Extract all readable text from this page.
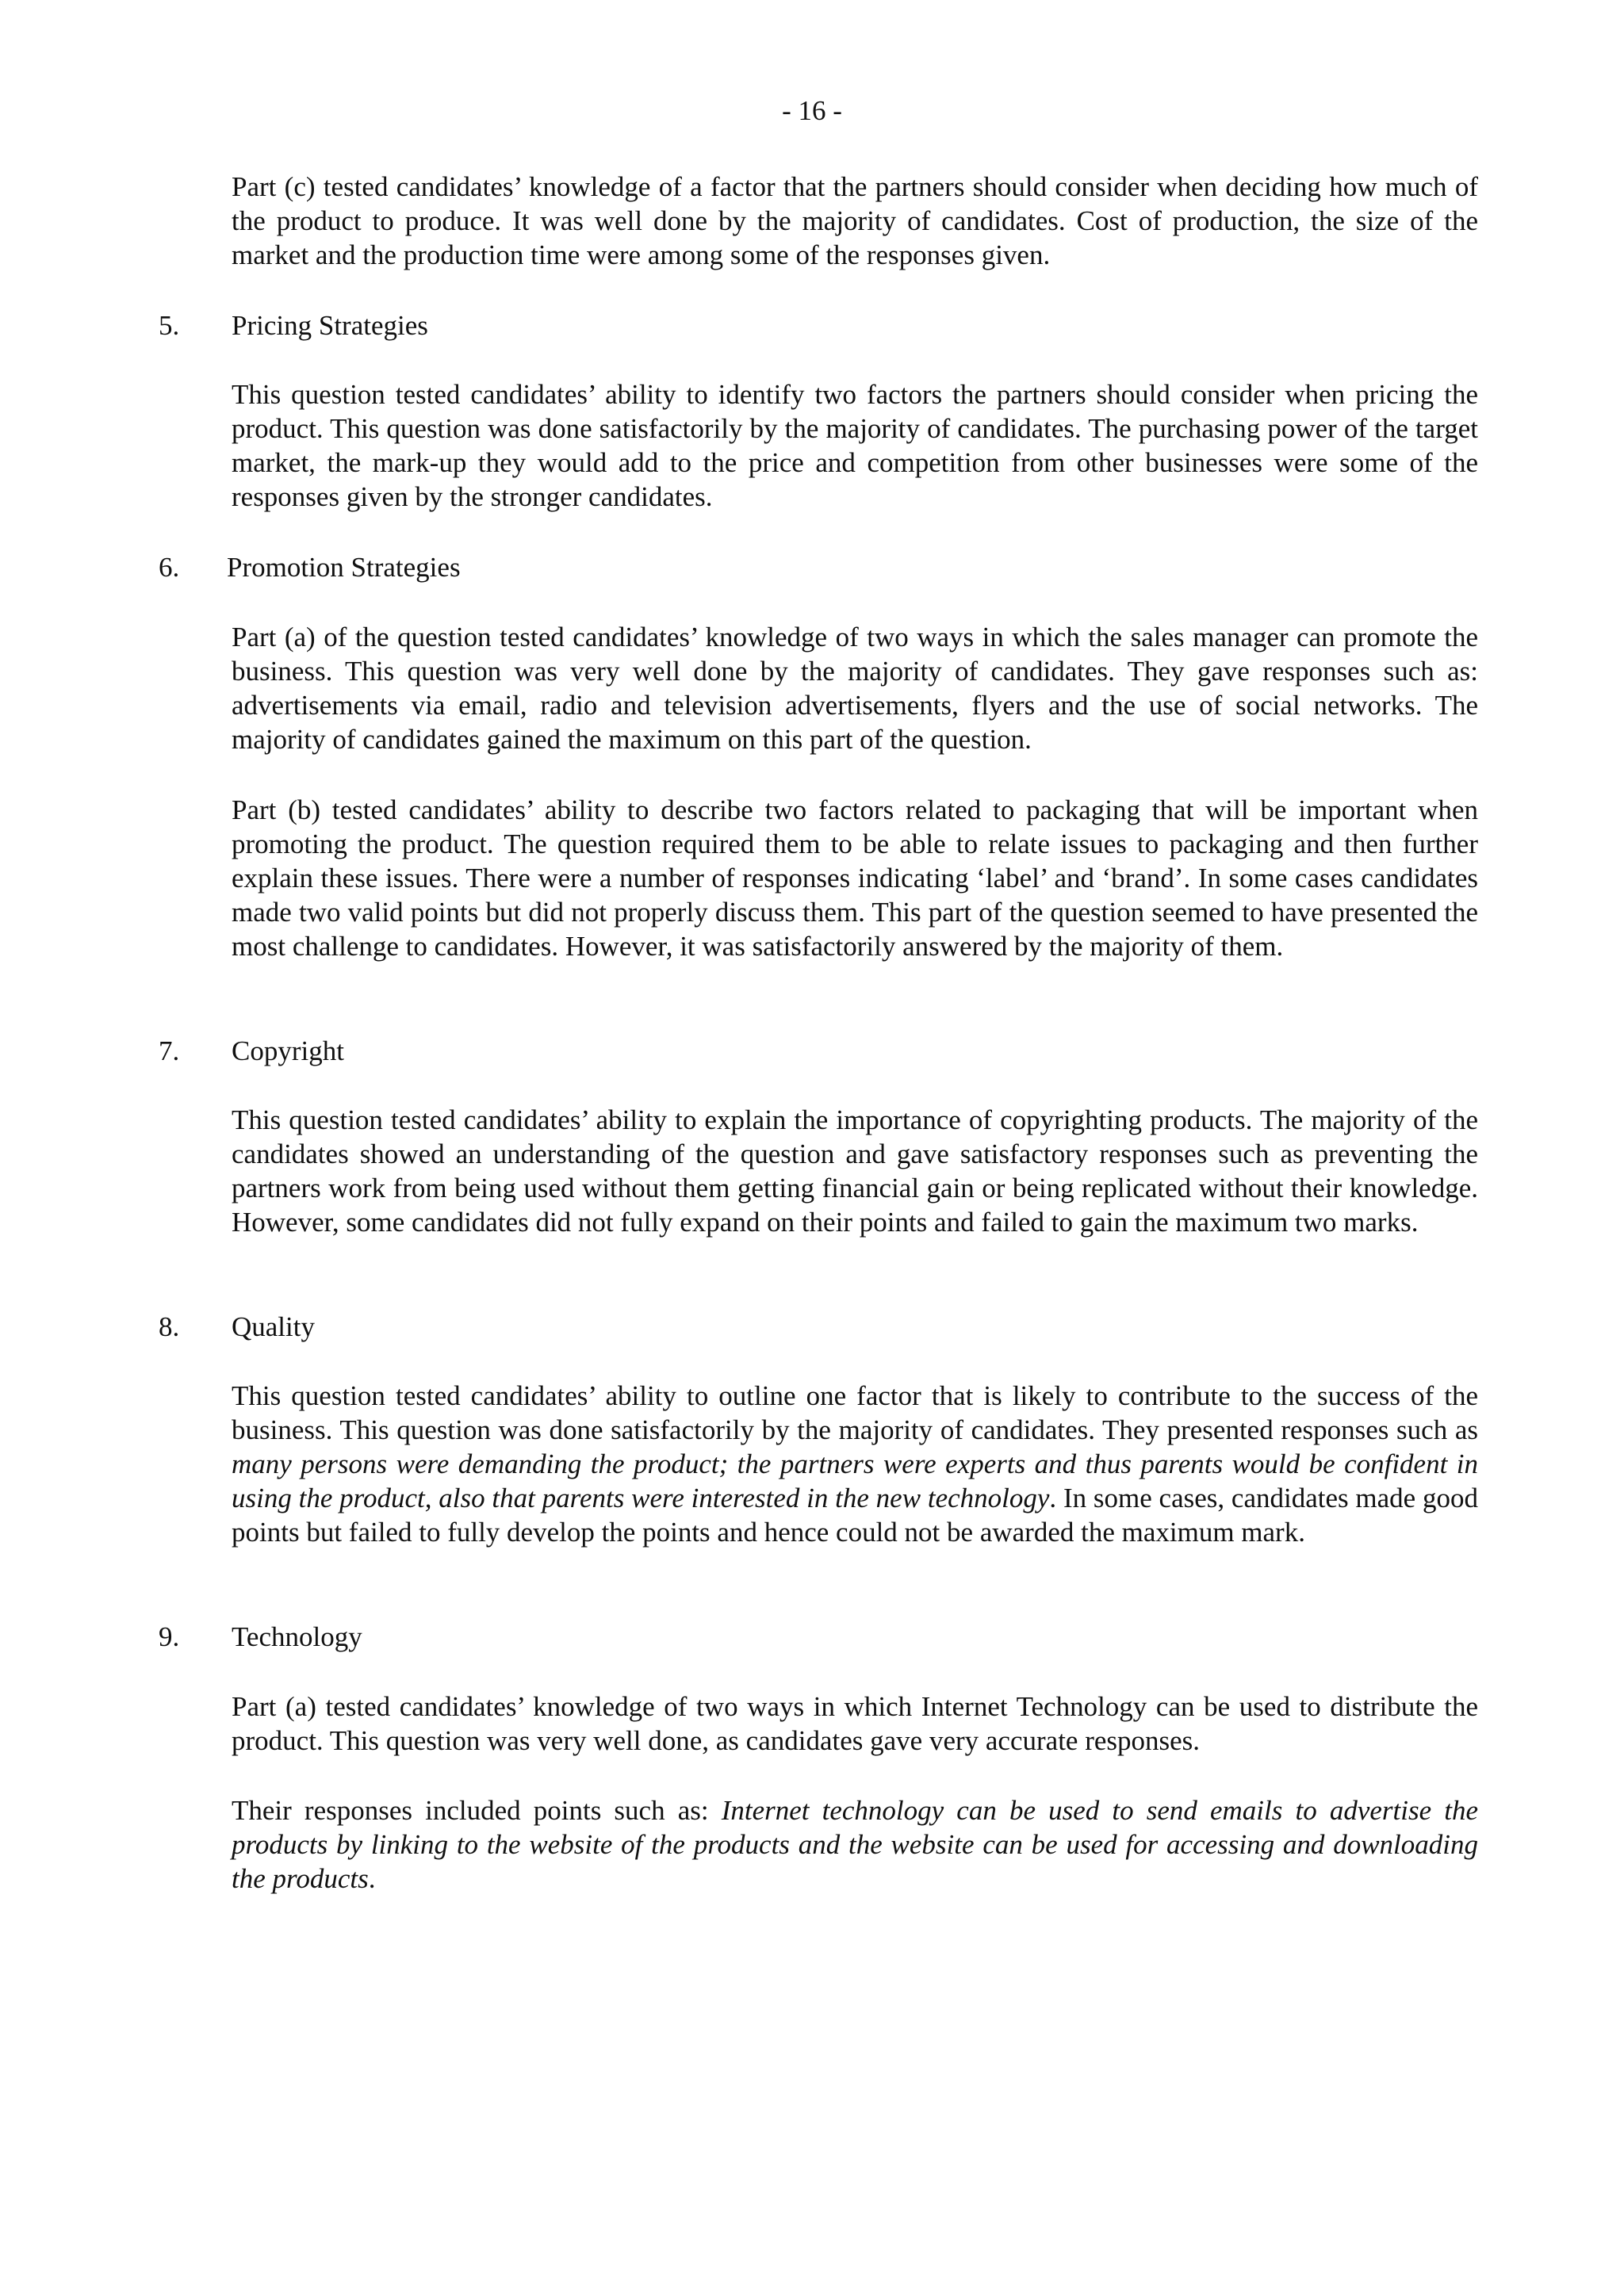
- 16 -

Part (c) tested candidates’ knowledge of a factor that the partners should consider when deciding how much of the product to produce. It was well done by the majority of candidates. Cost of production, the size of the market and the production time were among some of the responses given.

5. Pricing Strategies

This question tested candidates’ ability to identify two factors the partners should consider when pricing the product. This question was done satisfactorily by the majority of candidates. The purchasing power of the target market, the mark-up they would add to the price and competition from other businesses were some of the responses given by the stronger candidates.

6. Promotion Strategies

Part (a) of the question tested candidates’ knowledge of two ways in which the sales manager can promote the business. This question was very well done by the majority of candidates. They gave responses such as: advertisements via email, radio and television advertisements, flyers and the use of social networks. The majority of candidates gained the maximum on this part of the question.

Part (b) tested candidates’ ability to describe two factors related to packaging that will be important when promoting the product. The question required them to be able to relate issues to packaging and then further explain these issues. There were a number of responses indicating ‘label’ and ‘brand’. In some cases candidates made two valid points but did not properly discuss them. This part of the question seemed to have presented the most challenge to candidates. However, it was satisfactorily answered by the majority of them.

7. Copyright

This question tested candidates’ ability to explain the importance of copyrighting products. The majority of the candidates showed an understanding of the question and gave satisfactory responses such as preventing the partners work from being used without them getting financial gain or being replicated without their knowledge. However, some candidates did not fully expand on their points and failed to gain the maximum two marks.

8. Quality

This question tested candidates’ ability to outline one factor that is likely to contribute to the success of the business. This question was done satisfactorily by the majority of candidates. They presented responses such as many persons were demanding the product; the partners were experts and thus parents would be confident in using the product, also that parents were interested in the new technology. In some cases, candidates made good points but failed to fully develop the points and hence could not be awarded the maximum mark.

9. Technology

Part (a) tested candidates’ knowledge of two ways in which Internet Technology can be used to distribute the product. This question was very well done, as candidates gave very accurate responses.

Their responses included points such as: Internet technology can be used to send emails to advertise the products by linking to the website of the products and the website can be used for accessing and downloading the products.
